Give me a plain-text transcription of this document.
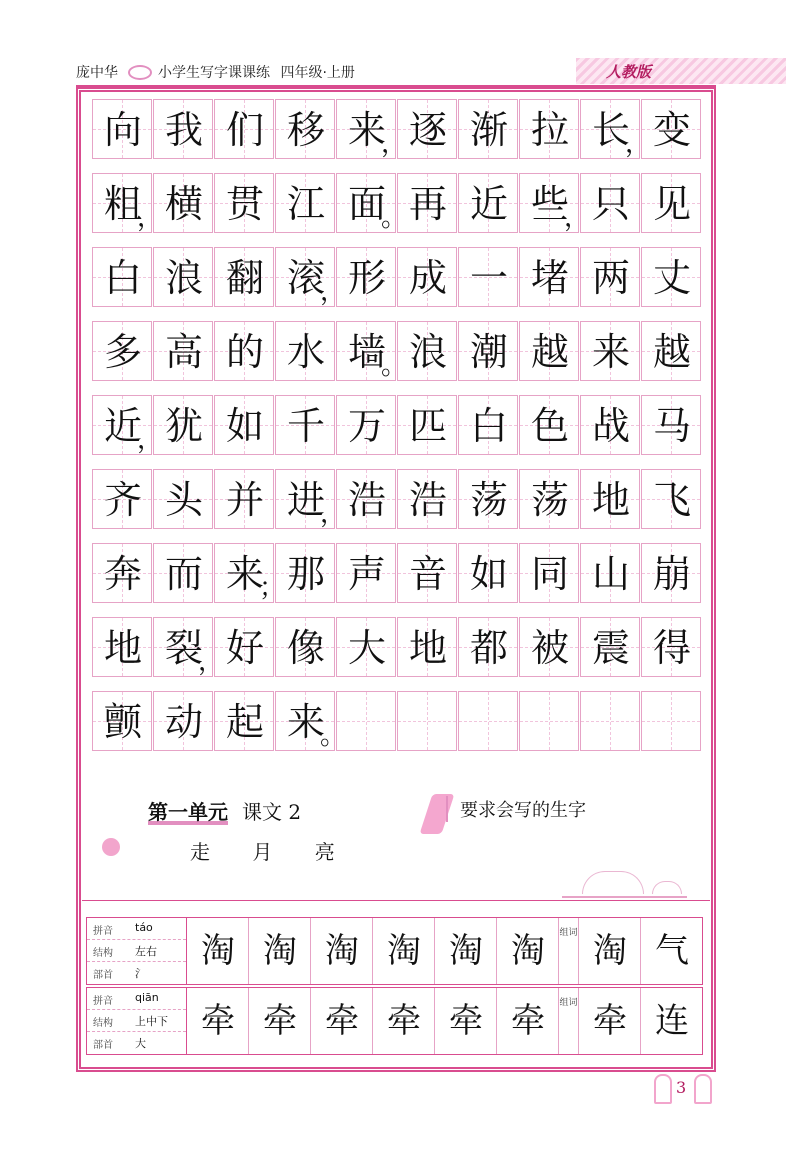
人教版
庞中华	小学生写字课课练 四年级·上册
向 我 们 移 来
， 逐 渐 拉 长
， 变
粗
， 横 贯 江 面
。 再 近 些
， 只 见
白 浪 翻 滚
， 形 成 一 堵 两 丈
多 高 的 水 墙
。 浪 潮 越 来 越
近
， 犹 如 千 万 匹 白 色 战 马
齐 头 并 进
， 浩 浩 荡 荡 地 飞
奔 而 来
； 那 声 音 如 同 山 崩
地 裂
， 好 像 大 地 都 被 震 得
颤 动 起 来
。
第一单元 课文 2
走 月 亮
要求会写的生字
拼音 táo
结构 左右
部首 氵
淘 淘 淘 淘 淘 淘	组词 淘 气
拼音 qiān
结构 上中下
部首 大
牵 牵 牵 牵 牵 牵	组词 牵 连
3
